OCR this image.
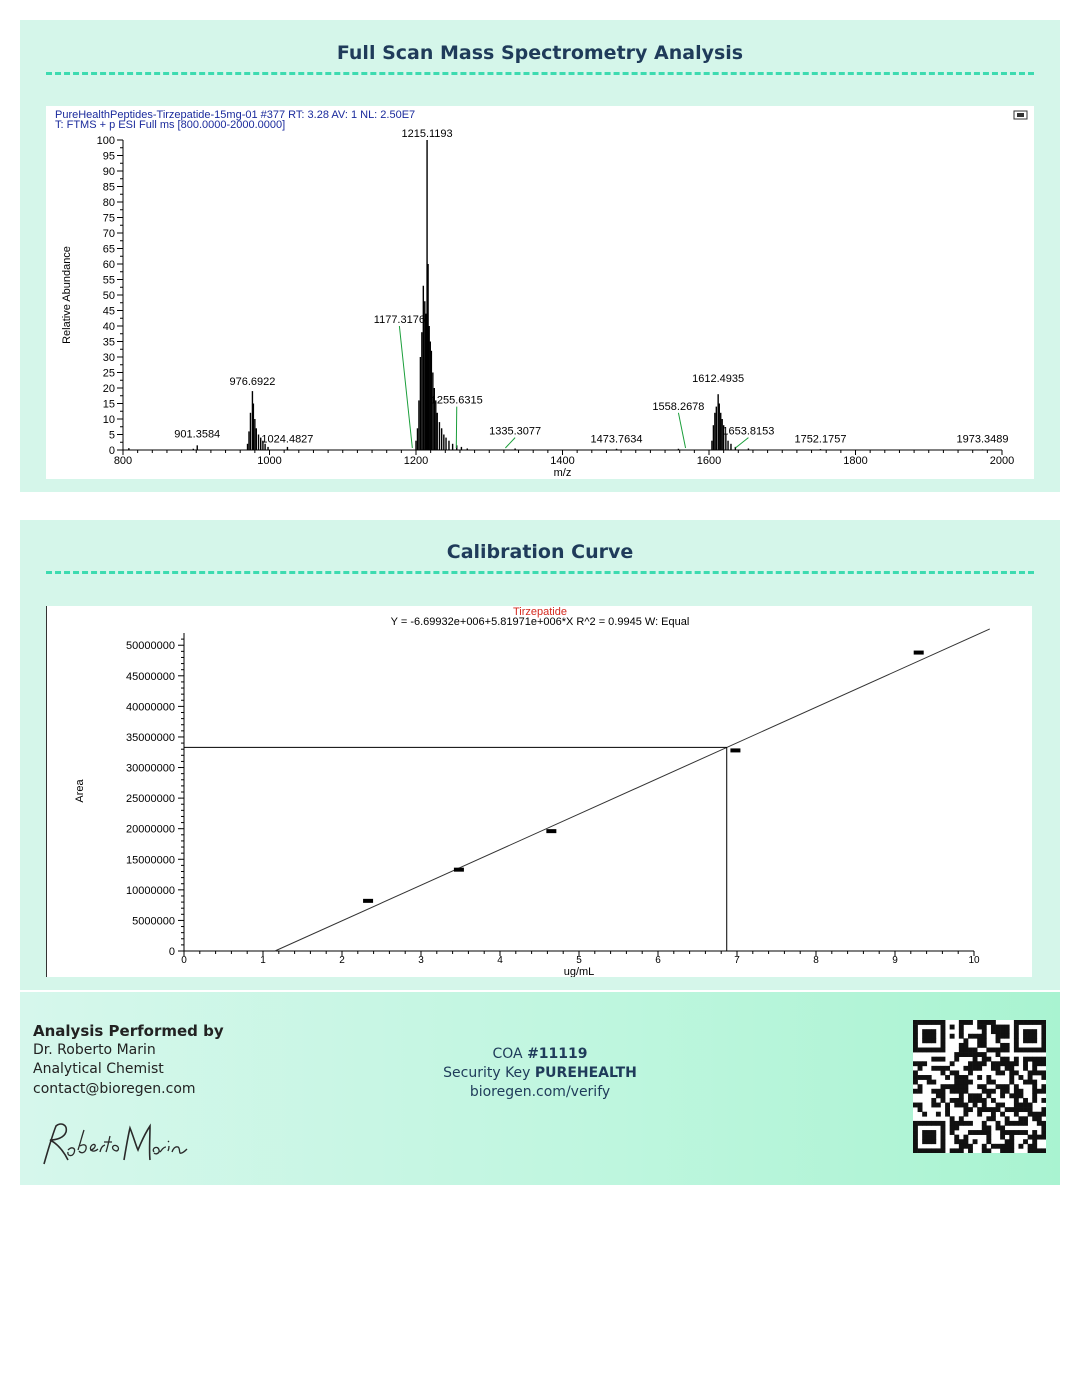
Full Scan Mass Spectrometry Analysis
PureHealthPeptides-Tirzepatide-15mg-01 #377 RT: 3.28 AV: 1 NL: 2.50E7
T: FTMS + p ESI Full ms [800.0000-2000.0000]
0
5
10
15
20
25
30
35
40
45
50
55
60
65
70
75
80
85
90
95
100
800	1000	1200	1400	1600	1800	2000
m/z
Relative Abundance
1215.1193
1177.3176
976.6922	1612.4935
1255.6315
1558.2678
901.3584	1024.4827
1335.3077
1473.7634
1653.8153
1752.1757	1973.3489
Calibration Curve
Tirzepatide
Y = -6.69932e+006+5.81971e+006*X R^2 = 0.9945 W: Equal
0
5000000
10000000
15000000
20000000
25000000
30000000
35000000
40000000
45000000
50000000
0	1	2	3	4	5	6	7	8	9	10
ug/mL
Area
Analysis Performed by
Dr. Roberto Marin
Analytical Chemist
contact@bioregen.com
COA #11119
Security Key PUREHEALTH
bioregen.com/verify
